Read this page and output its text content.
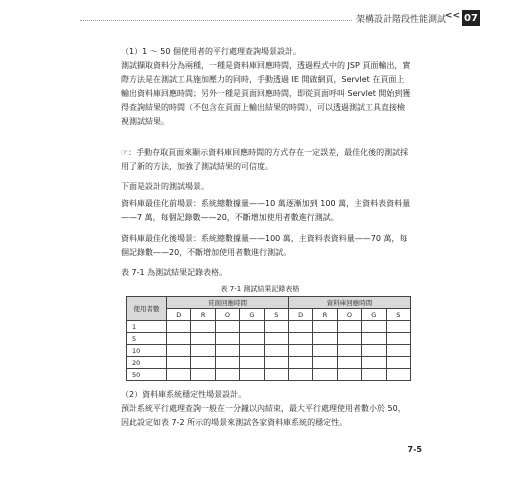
架構設計階段性能測試
<< 07
（1）1 ～ 50 個使用者的平行處理查詢場景設計。
測試擷取資料分為兩種，一種是資料庫回應時間，透過程式中的 JSP 頁面輸出，實際方法是在測試工具施加壓力的同時，手動透過 IE 開啟網頁，Servlet 在頁面上輸出資料庫回應時間；另外一種是頁面回應時間，即從頁面呼叫 Servlet 開始到獲得查詢結果的時間（不包含在頁面上輸出結果的時間），可以透過測試工具直接檢視測試結果。
☞：手動存取頁面來顯示資料庫回應時間的方式存在一定誤差，最佳化後的測試採用了新的方法，加強了測試結果的可信度。
下面是設計的測試場景。
資料庫最佳化前場景：系統總數據量——10 萬逐漸加到 100 萬，主資料表資料量——7 萬，每個記錄數——20，不斷增加使用者數進行測試。
資料庫最佳化後場景：系統總數據量——100 萬，主資料表資料量——70 萬，每個記錄數——20，不斷增加使用者數進行測試。
表 7-1 為測試結果記錄表格。
表 7-1 測試結果記錄表格
使用者數	頁面回應時間					資料庫回應時間				
	D	R	O	G	S	D	R	O	G	S
1										
5										
10										
20										
50										
（2）資料庫系統穩定性場景設計。
預計系統平行處理查詢一般在一分鐘以內結束，最大平行處理使用者數小於 50，因此設定如表 7-2 所示的場景來測試各家資料庫系統的穩定性。
7-5
